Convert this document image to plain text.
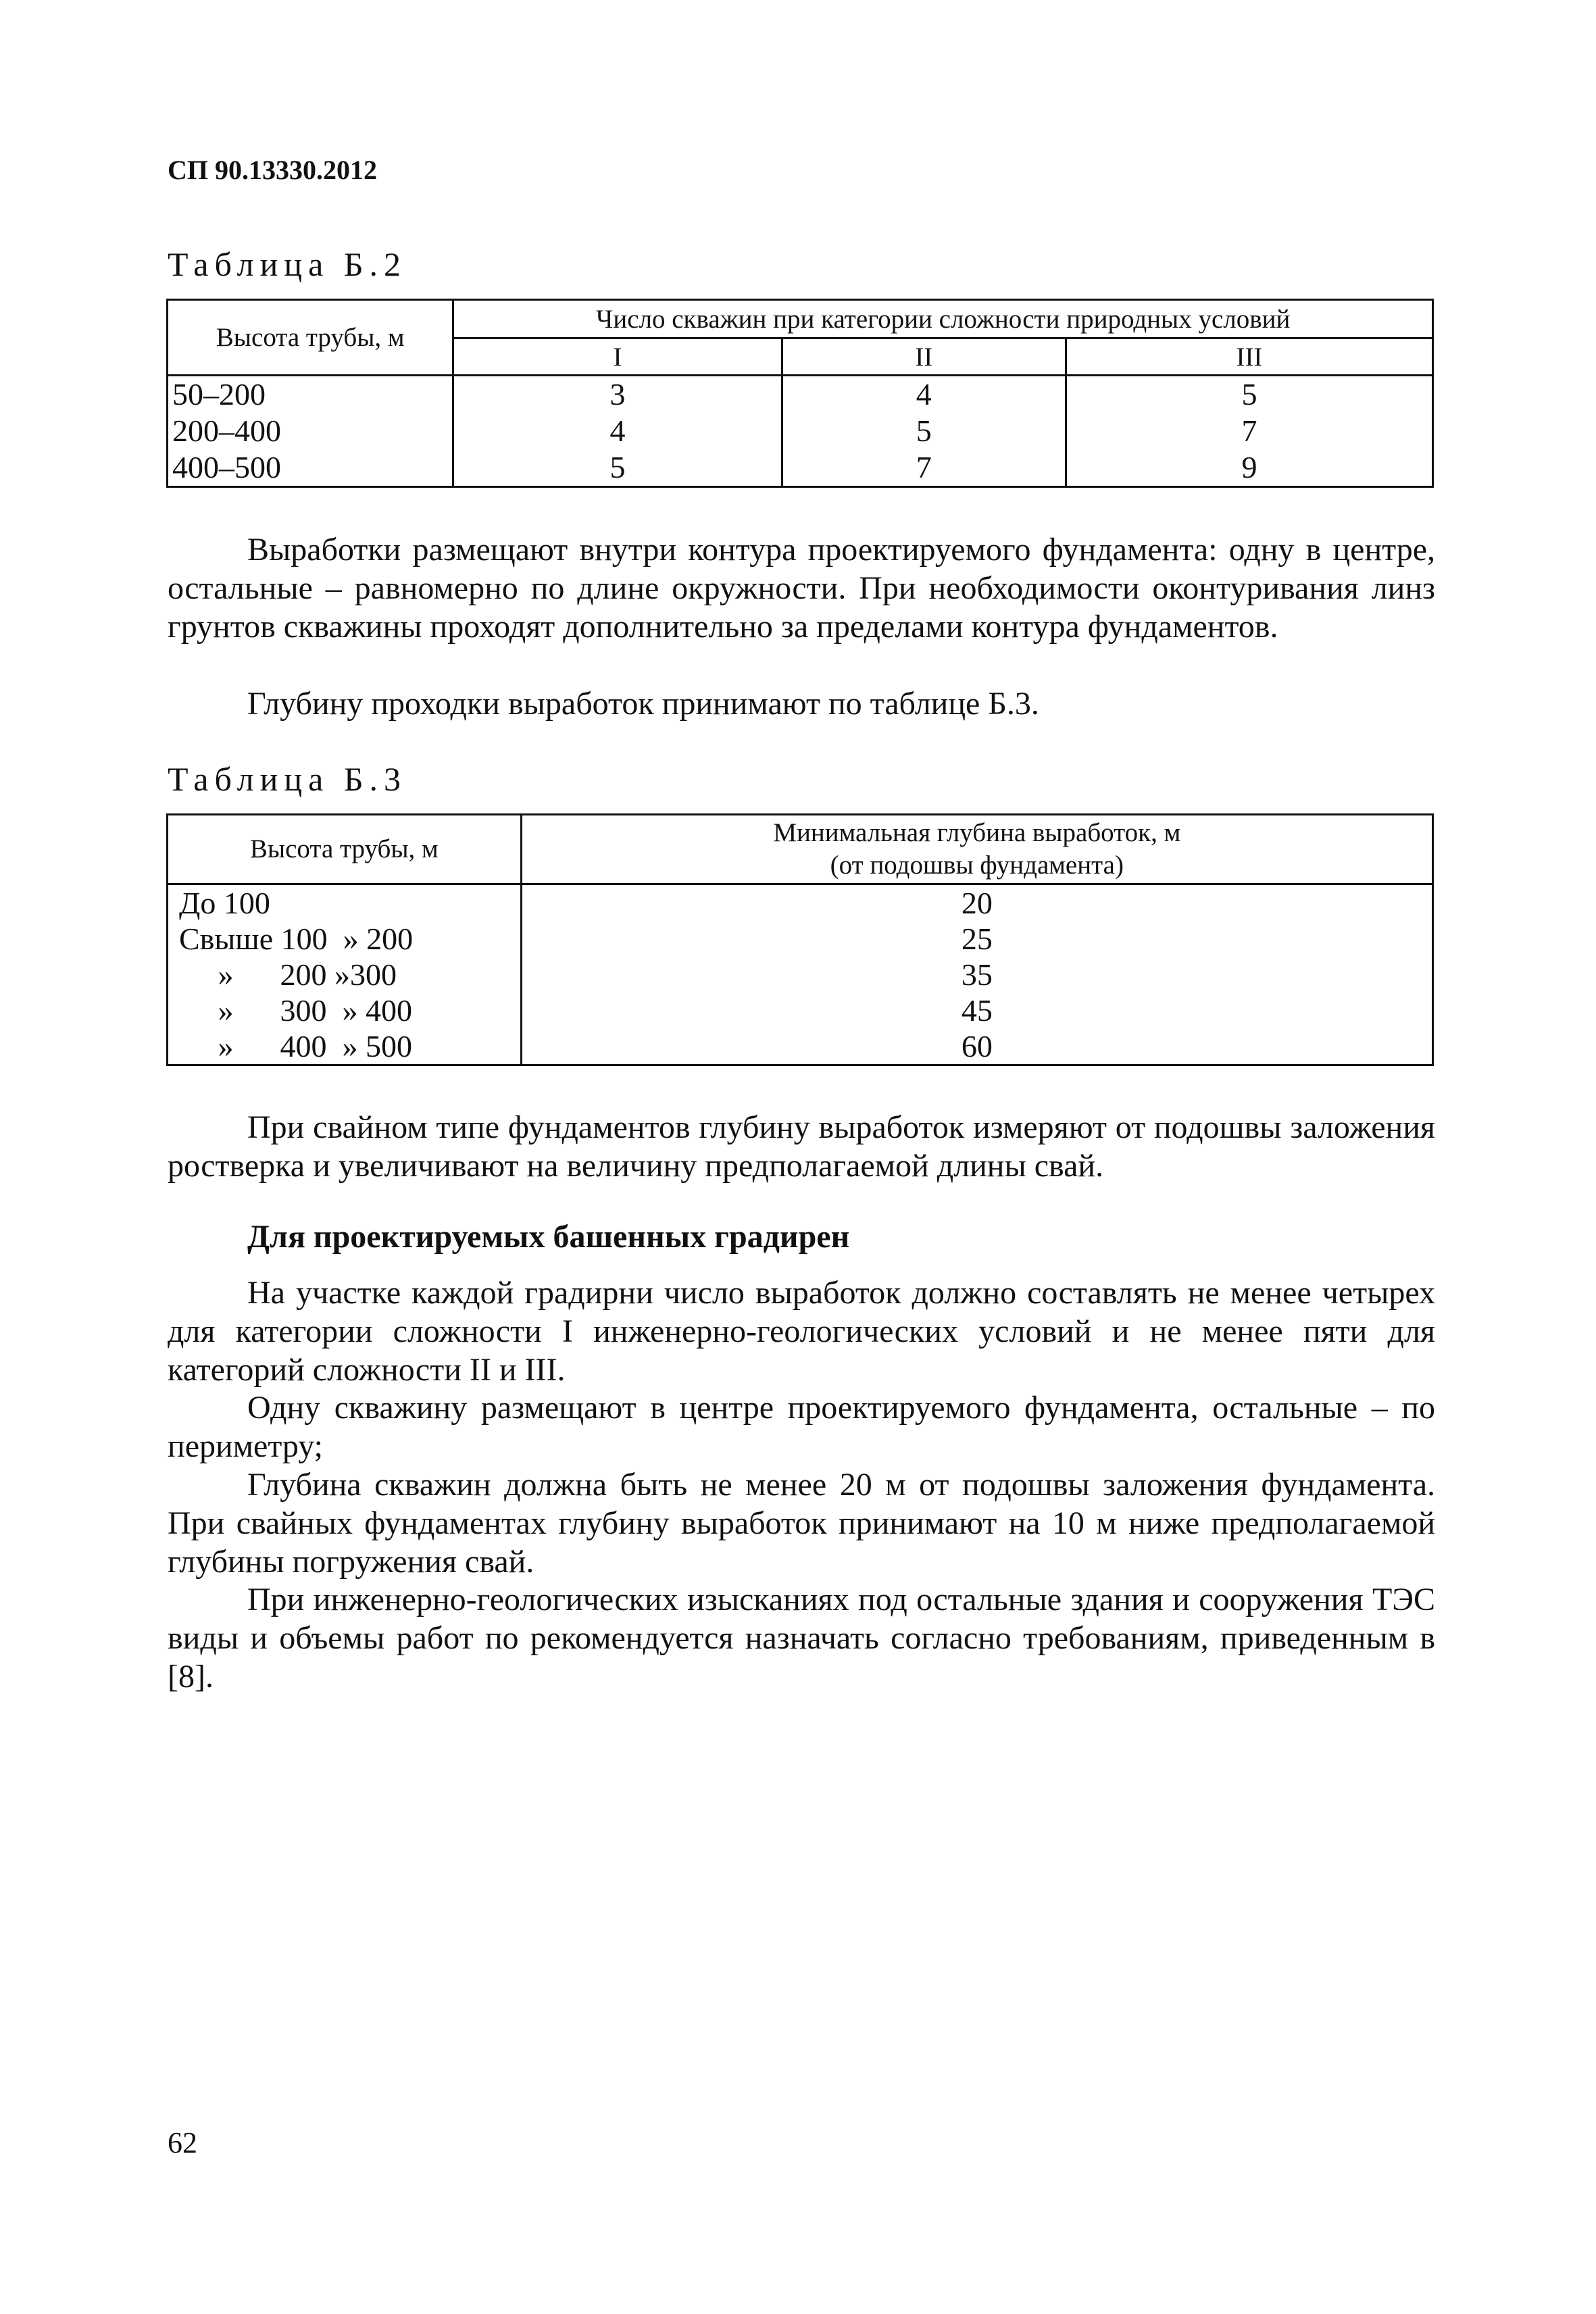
СП 90.13330.2012
Таблица Б.2
Высота трубы, м	Число скважин при категории сложности природных условий		
	I	II	III
50–200	3	4	5
200–400	4	5	7
400–500	5	7	9

Выработки размещают внутри контура проектируемого фундамента: одну в центре, остальные – равномерно по длине окружности. При необходимости оконтуривания линз грунтов скважины проходят дополнительно за пределами контура фундаментов.

Глубину проходки выработок принимают по таблице Б.3.

Таблица Б.3
Высота трубы, м	Минимальная глубина выработок, м
(от подошвы фундамента)

До 100	20
Свыше 100  » 200	25
»      200 »300	35
»      300  » 400	45
»      400  » 500	60

При свайном типе фундаментов глубину выработок измеряют от подошвы заложения ростверка и увеличивают на величину предполагаемой длины свай.

Для проектируемых башенных градирен

На участке каждой градирни число выработок должно составлять не менее четырех для категории сложности I инженерно-геологических условий и не менее пяти для категорий сложности II и III.

Одну скважину размещают в центре проектируемого фундамента, остальные – по периметру;

Глубина скважин должна быть не менее 20 м от подошвы заложения фундамента. При свайных фундаментах глубину выработок принимают на 10 м ниже предполагаемой глубины погружения свай.

При инженерно-геологических изысканиях под остальные здания и сооружения ТЭС виды и объемы работ по рекомендуется назначать согласно требованиям, приведенным в [8].

62
